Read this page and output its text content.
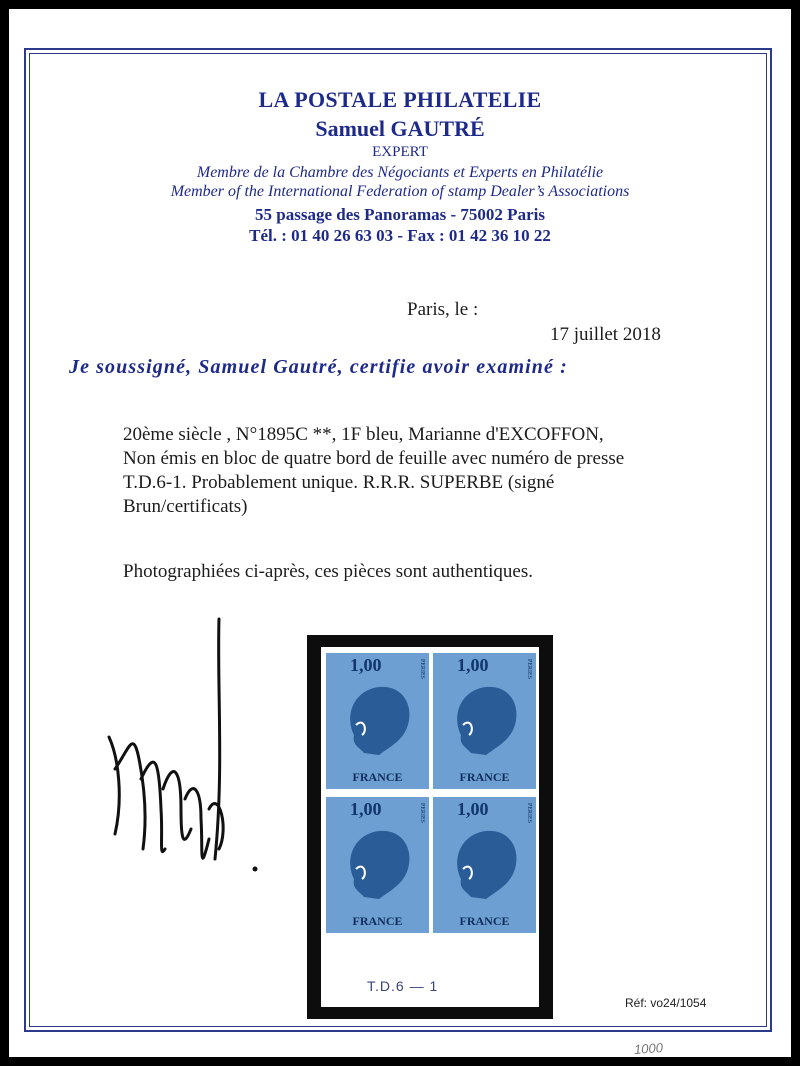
LA POSTALE PHILATELIE
Samuel GAUTRÉ
EXPERT
Membre de la Chambre des Négociants et Experts en Philatélie
Member of the International Federation of stamp Dealer’s Associations
55 passage des Panoramas - 75002 Paris
Tél. : 01 40 26 63 03 - Fax : 01 42 36 10 22
Paris, le :
17 juillet 2018
Je soussigné, Samuel Gautré, certifie avoir examiné :
20ème siècle , N°1895C **, 1F bleu, Marianne d'EXCOFFON,
Non émis en bloc de quatre bord de feuille avec numéro de presse
T.D.6-1. Probablement unique. R.R.R. SUPERBE (signé
Brun/certificats)
Photographiées ci-après, ces pièces sont authentiques.
1,00	PERIES
FRANCE
1,00	PERIES
FRANCE
1,00	PERIES
FRANCE
1,00	PERIES
FRANCE
T.D.6 — 1
Réf: vo24/1054
1000
